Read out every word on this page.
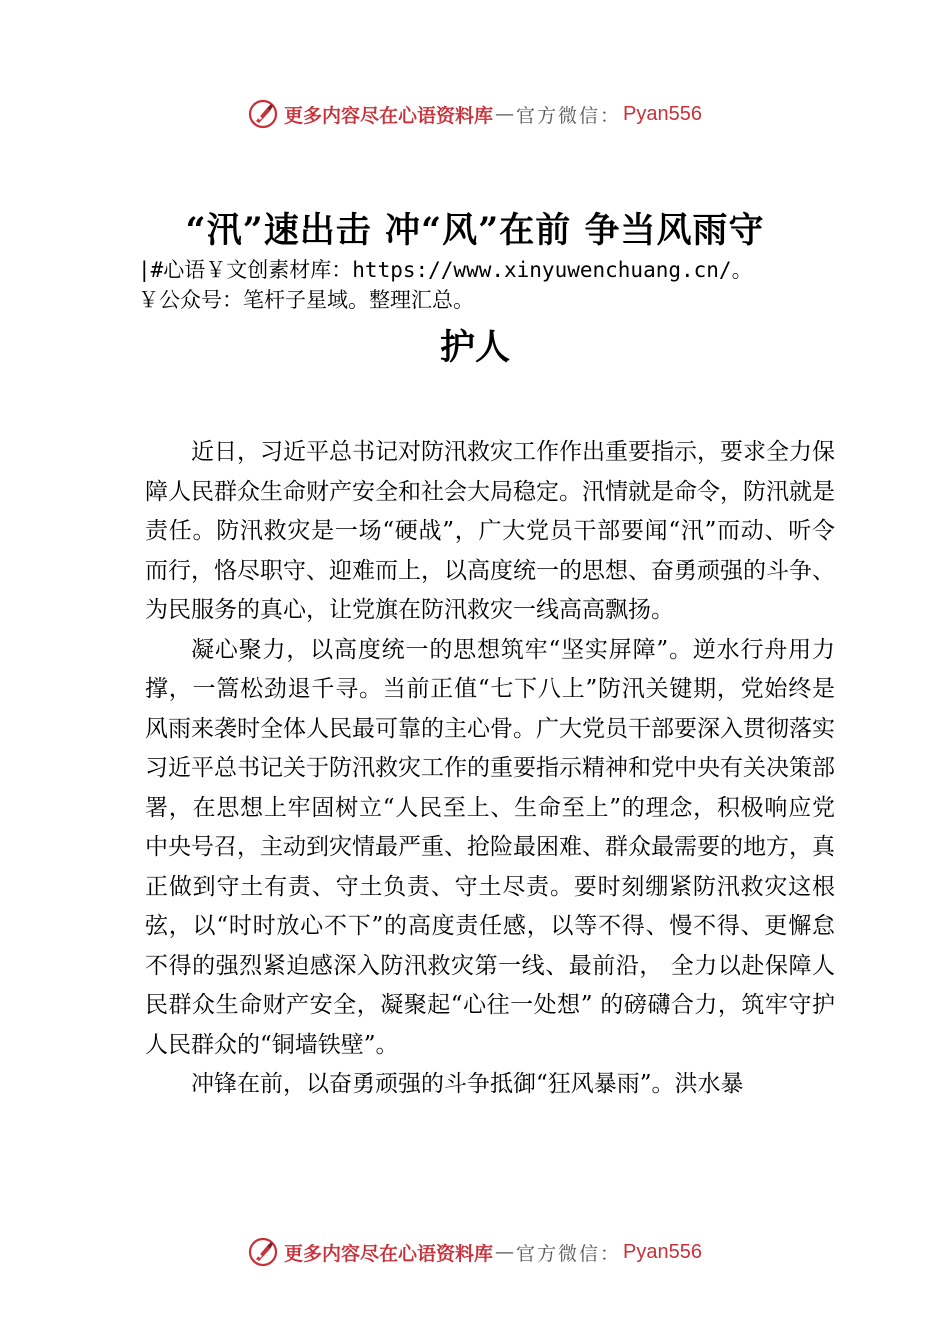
更多内容尽在心语资料库 — 官方微信： Pyan556
“汛”速出击 冲“风”在前 争当风雨守
|#心语￥文创素材库：https://www.xinyuwenchuang.cn/。
￥公众号：笔杆子星域。整理汇总。
护人

近日，习近平总书记对防汛救灾工作作出重要指示，要求全力保障人民群众生命财产安全和社会大局稳定。汛情就是命令，防汛就是责任。防汛救灾是一场“硬战”，广大党员干部要闻“汛”而动、听令而行，恪尽职守、迎难而上，以高度统一的思想、奋勇顽强的斗争、为民服务的真心，让党旗在防汛救灾一线高高飘扬。

凝心聚力，以高度统一的思想筑牢“坚实屏障”。逆水行舟用力撑，一篙松劲退千寻。当前正值“七下八上”防汛关键期，党始终是风雨来袭时全体人民最可靠的主心骨。广大党员干部要深入贯彻落实习近平总书记关于防汛救灾工作的重要指示精神和党中央有关决策部署，在思想上牢固树立“人民至上、生命至上”的理念，积极响应党中央号召，主动到灾情最严重、抢险最困难、群众最需要的地方，真正做到守土有责、守土负责、守土尽责。要时刻绷紧防汛救灾这根弦，以“时时放心不下”的高度责任感，以等不得、慢不得、更懈怠不得的强烈紧迫感深入防汛救灾第一线、最前沿， 全力以赴保障人民群众生命财产安全，凝聚起“心往一处想” 的磅礴合力，筑牢守护人民群众的“铜墙铁壁”。

冲锋在前，以奋勇顽强的斗争抵御“狂风暴雨”。洪水暴

更多内容尽在心语资料库 — 官方微信： Pyan556
